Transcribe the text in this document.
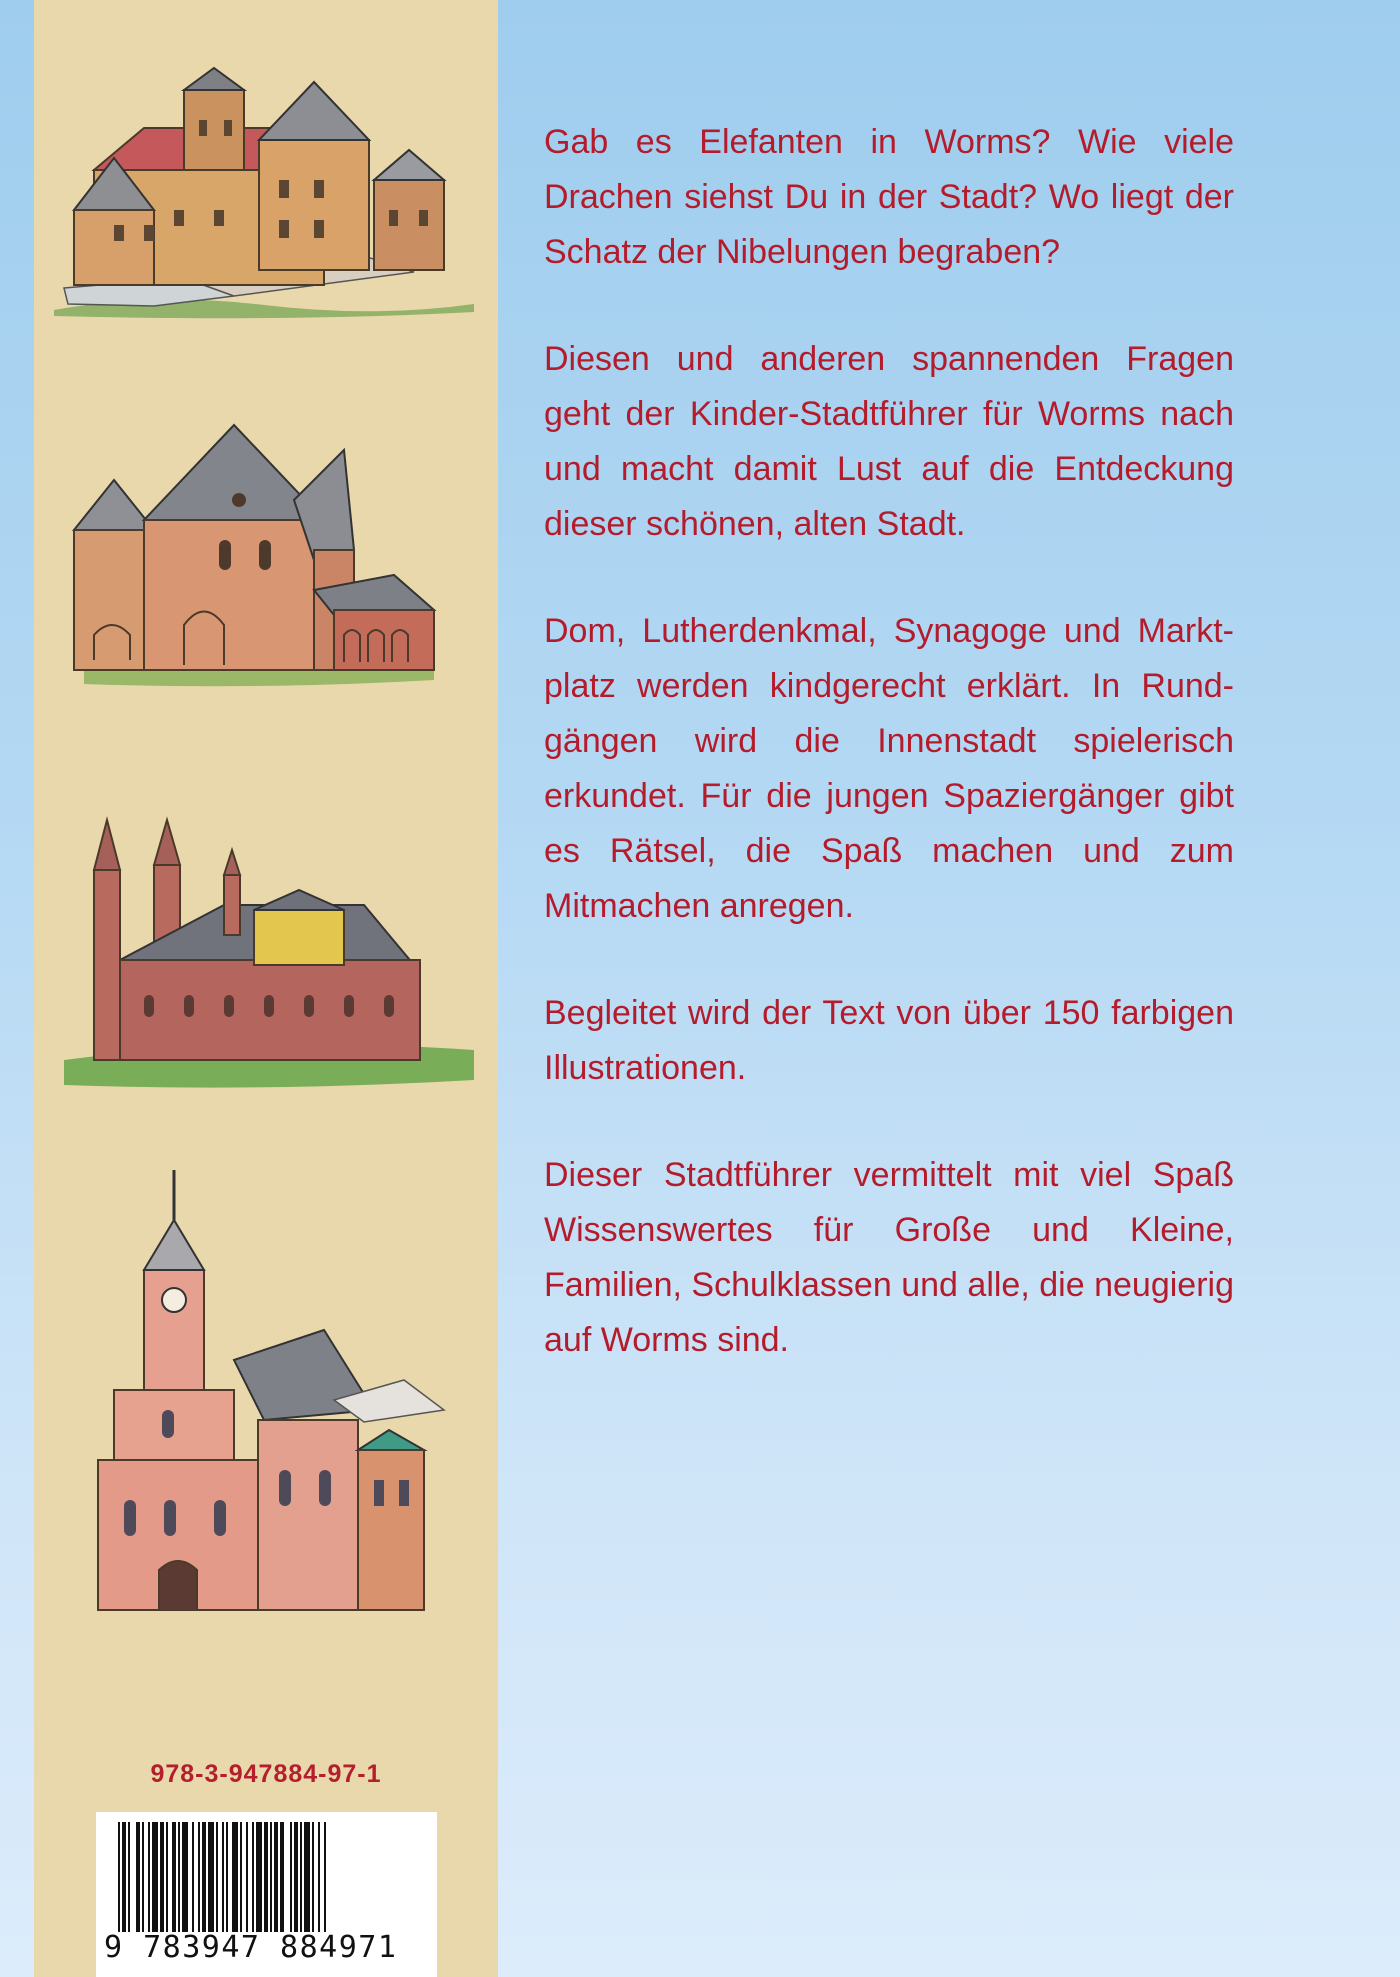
978-3-947884-97-1
9 783947 884971

Gab es Elefanten in Worms? Wie viele Drachen siehst Du in der Stadt? Wo liegt der Schatz der Nibelungen begraben?

Diesen und anderen spannenden Fragen geht der Kinder-Stadtführer für Worms nach und macht damit Lust auf die Entdeckung dieser schönen, alten Stadt.

Dom, Lutherdenkmal, Synagoge und Markt-platz werden kindgerecht erklärt. In Rund-gängen wird die Innenstadt spielerisch erkundet. Für die jungen Spaziergänger gibt es Rätsel, die Spaß machen und zum Mitmachen anregen.

Begleitet wird der Text von über 150 farbigen Illustrationen.

Dieser Stadtführer vermittelt mit viel Spaß Wissenswertes für Große und Kleine, Familien, Schulklassen und alle, die neugierig auf Worms sind.
